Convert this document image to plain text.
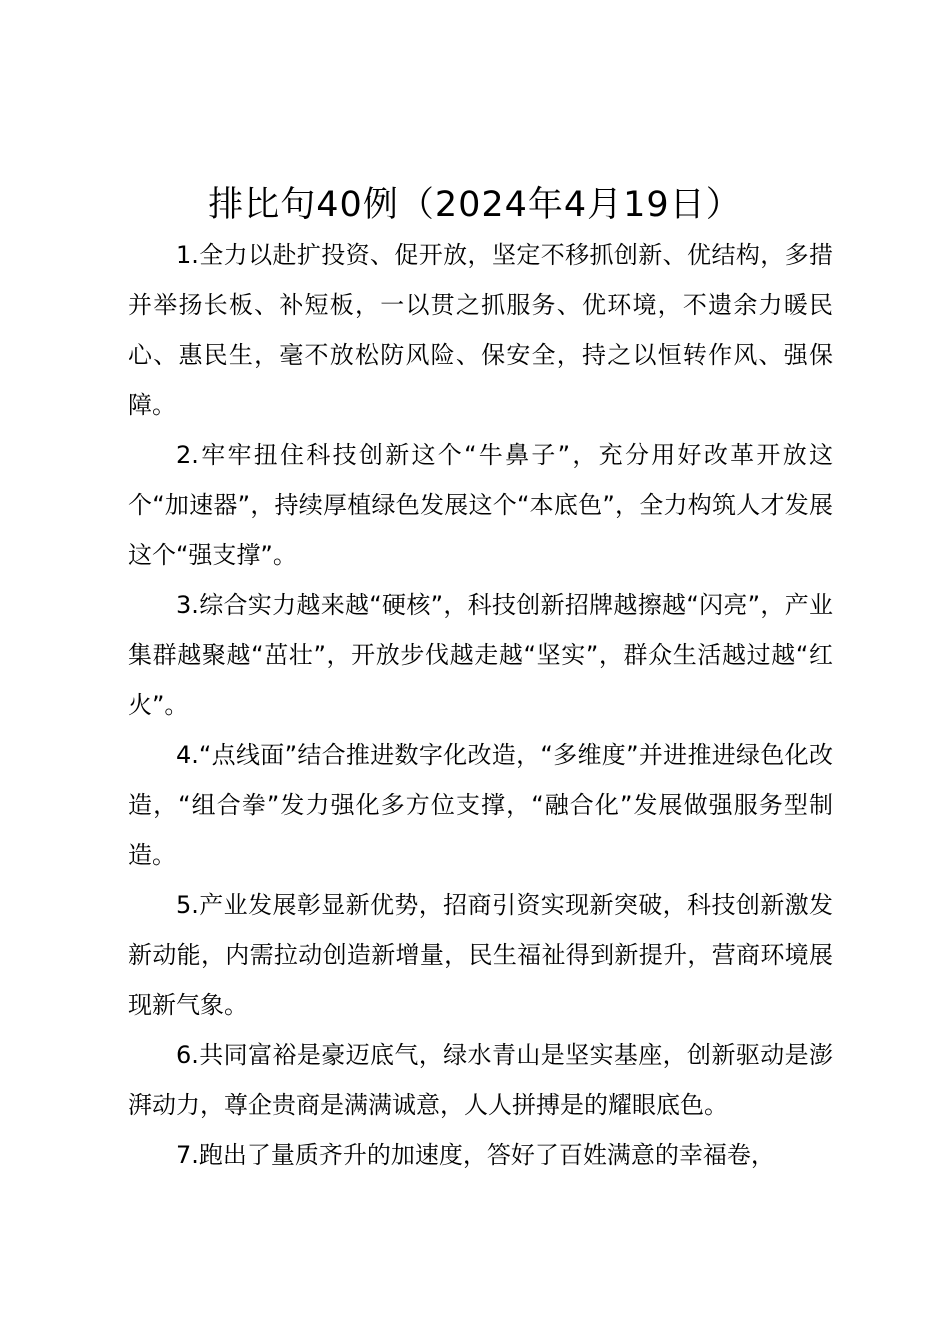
排比句40例（2024年4月19日）

1.全力以赴扩投资、促开放，坚定不移抓创新、优结构，多措并举扬长板、补短板，一以贯之抓服务、优环境，不遗余力暖民心、惠民生，毫不放松防风险、保安全，持之以恒转作风、强保障。

2.牢牢扭住科技创新这个“牛鼻子”，充分用好改革开放这个“加速器”，持续厚植绿色发展这个“本底色”，全力构筑人才发展这个“强支撑”。

3.综合实力越来越“硬核”，科技创新招牌越擦越“闪亮”，产业集群越聚越“茁壮”，开放步伐越走越“坚实”，群众生活越过越“红火”。

4.“点线面”结合推进数字化改造，“多维度”并进推进绿色化改造，“组合拳”发力强化多方位支撑，“融合化”发展做强服务型制造。

5.产业发展彰显新优势，招商引资实现新突破，科技创新激发新动能，内需拉动创造新增量，民生福祉得到新提升，营商环境展现新气象。

6.共同富裕是豪迈底气，绿水青山是坚实基座，创新驱动是澎湃动力，尊企贵商是满满诚意，人人拼搏是的耀眼底色。

7.跑出了量质齐升的加速度，答好了百姓满意的幸福卷，
